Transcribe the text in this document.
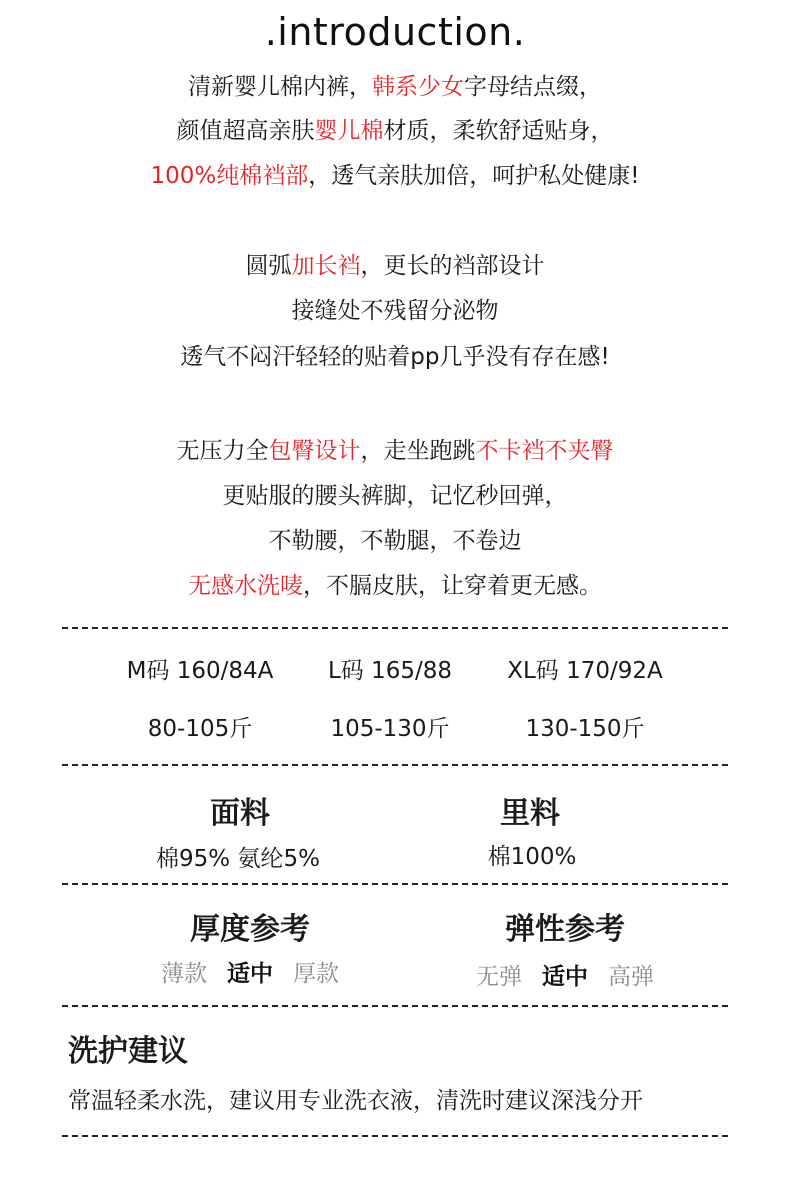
.introduction.
清新婴儿棉内裤，韩系少女字母结点缀，
颜值超高亲肤婴儿棉材质，柔软舒适贴身，
100%纯棉裆部，透气亲肤加倍，呵护私处健康!
圆弧加长裆，更长的裆部设计
接缝处不残留分泌物
透气不闷汗轻轻的贴着pp几乎没有存在感!
无压力全包臀设计，走坐跑跳不卡裆不夹臀
更贴服的腰头裤脚，记忆秒回弹，
不勒腰，不勒腿，不卷边
无感水洗唛，不膈皮肤，让穿着更无感。
M码 160/84A	L码 165/88	XL码 170/92A
80-105斤	105-130斤	130-150斤
面料	里料
棉95% 氨纶5%	棉100%
厚度参考	弹性参考
薄款 适中 厚款	无弹 适中 高弹
洗护建议
常温轻柔水洗，建议用专业洗衣液，清洗时建议深浅分开
